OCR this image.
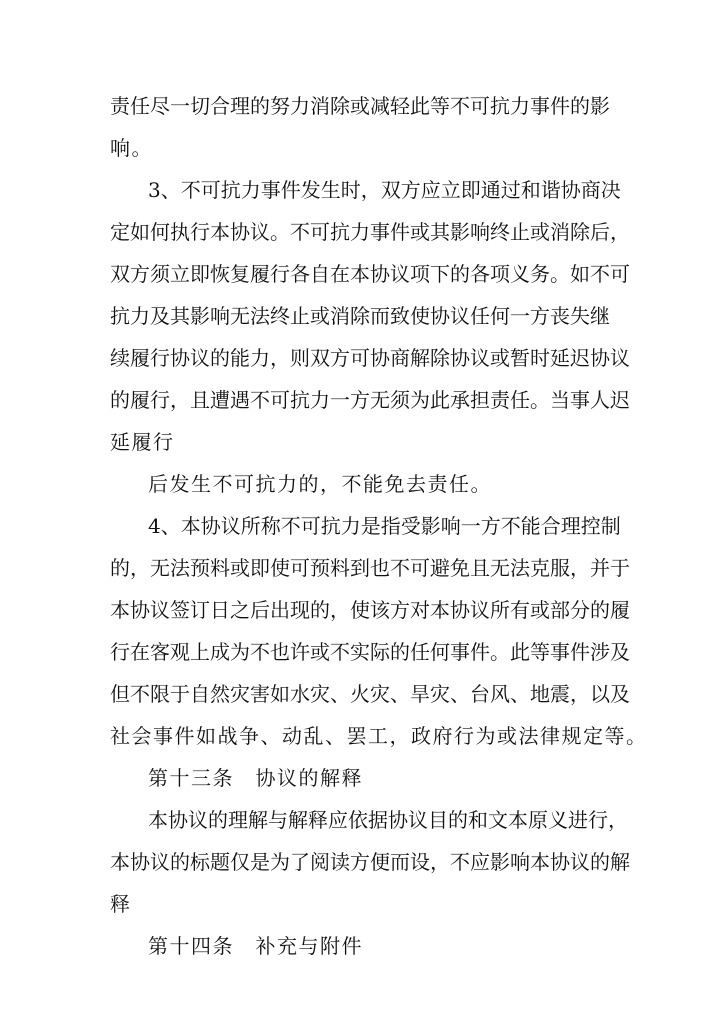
责任尽一切合理的努力消除或减轻此等不可抗力事件的影
响。
3、不可抗力事件发生时，双方应立即通过和谐协商决
定如何执行本协议。不可抗力事件或其影响终止或消除后，
双方须立即恢复履行各自在本协议项下的各项义务。如不可
抗力及其影响无法终止或消除而致使协议任何一方丧失继
续履行协议的能力，则双方可协商解除协议或暂时延迟协议
的履行，且遭遇不可抗力一方无须为此承担责任。当事人迟
延履行
后发生不可抗力的，不能免去责任。
4、本协议所称不可抗力是指受影响一方不能合理控制
的，无法预料或即使可预料到也不可避免且无法克服，并于
本协议签订日之后出现的，使该方对本协议所有或部分的履
行在客观上成为不也许或不实际的任何事件。此等事件涉及
但不限于自然灾害如水灾、火灾、旱灾、台风、地震，以及
社会事件如战争、动乱、罢工，政府行为或法律规定等。
第十三条　协议的解释
本协议的理解与解释应依据协议目的和文本原义进行，
本协议的标题仅是为了阅读方便而设，不应影响本协议的解
释
第十四条　补充与附件
